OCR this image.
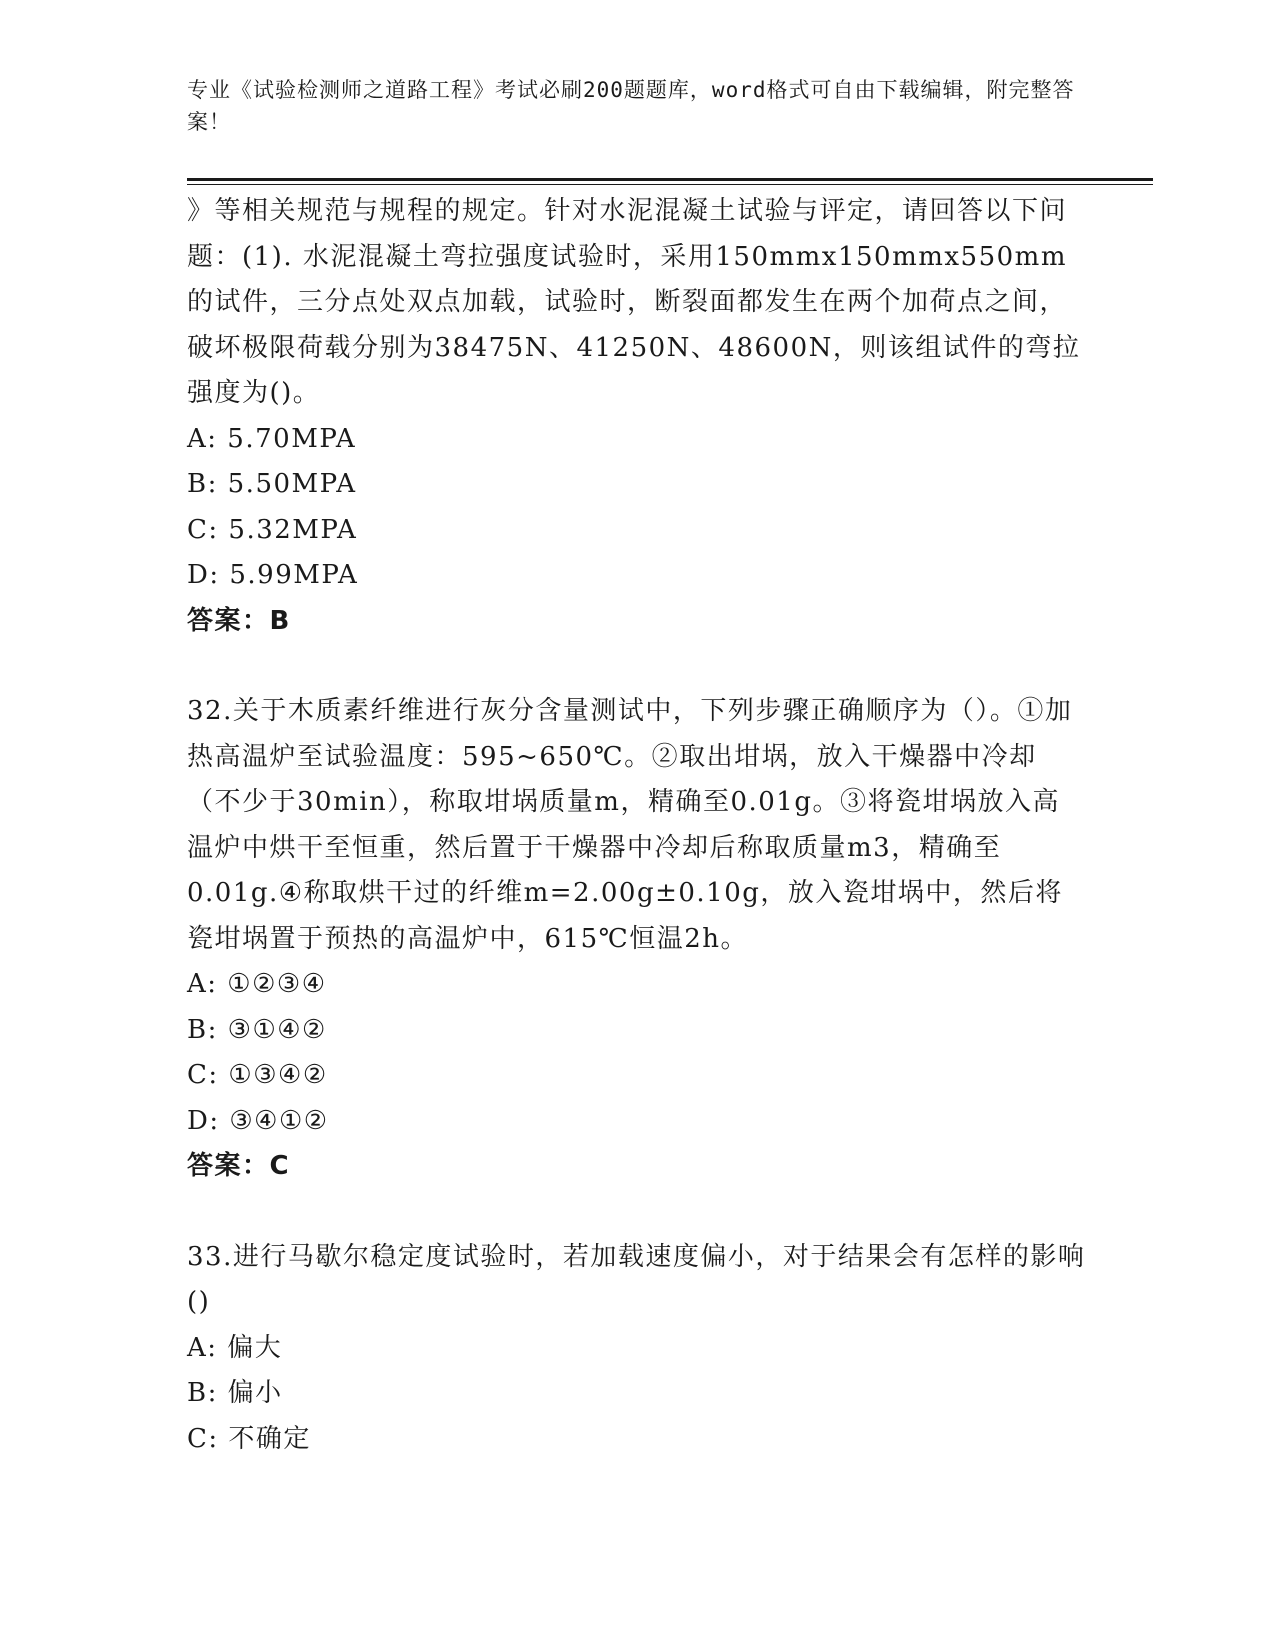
专业《试验检测师之道路工程》考试必刷200题题库，word格式可自由下载编辑，附完整答案！

》等相关规范与规程的规定。针对水泥混凝土试验与评定，请回答以下问题：(1). 水泥混凝土弯拉强度试验时，采用150mmx150mmx550mm的试件，三分点处双点加载，试验时，断裂面都发生在两个加荷点之间，破坏极限荷载分别为38475N、41250N、48600N，则该组试件的弯拉强度为()。

A: 5.70MPA

B: 5.50MPA

C: 5.32MPA

D: 5.99MPA

答案：B

32.关于木质素纤维进行灰分含量测试中，下列步骤正确顺序为（）。①加热高温炉至试验温度：595~650℃。②取出坩埚，放入干燥器中冷却（不少于30min），称取坩埚质量m，精确至0.01g。③将瓷坩埚放入高温炉中烘干至恒重，然后置于干燥器中冷却后称取质量m3，精确至0.01g.④称取烘干过的纤维m=2.00g±0.10g，放入瓷坩埚中，然后将瓷坩埚置于预热的高温炉中，615℃恒温2h。

A: ①②③④

B: ③①④②

C: ①③④②

D: ③④①②

答案：C

33.进行马歇尔稳定度试验时，若加载速度偏小，对于结果会有怎样的影响()

A: 偏大

B: 偏小

C: 不确定
